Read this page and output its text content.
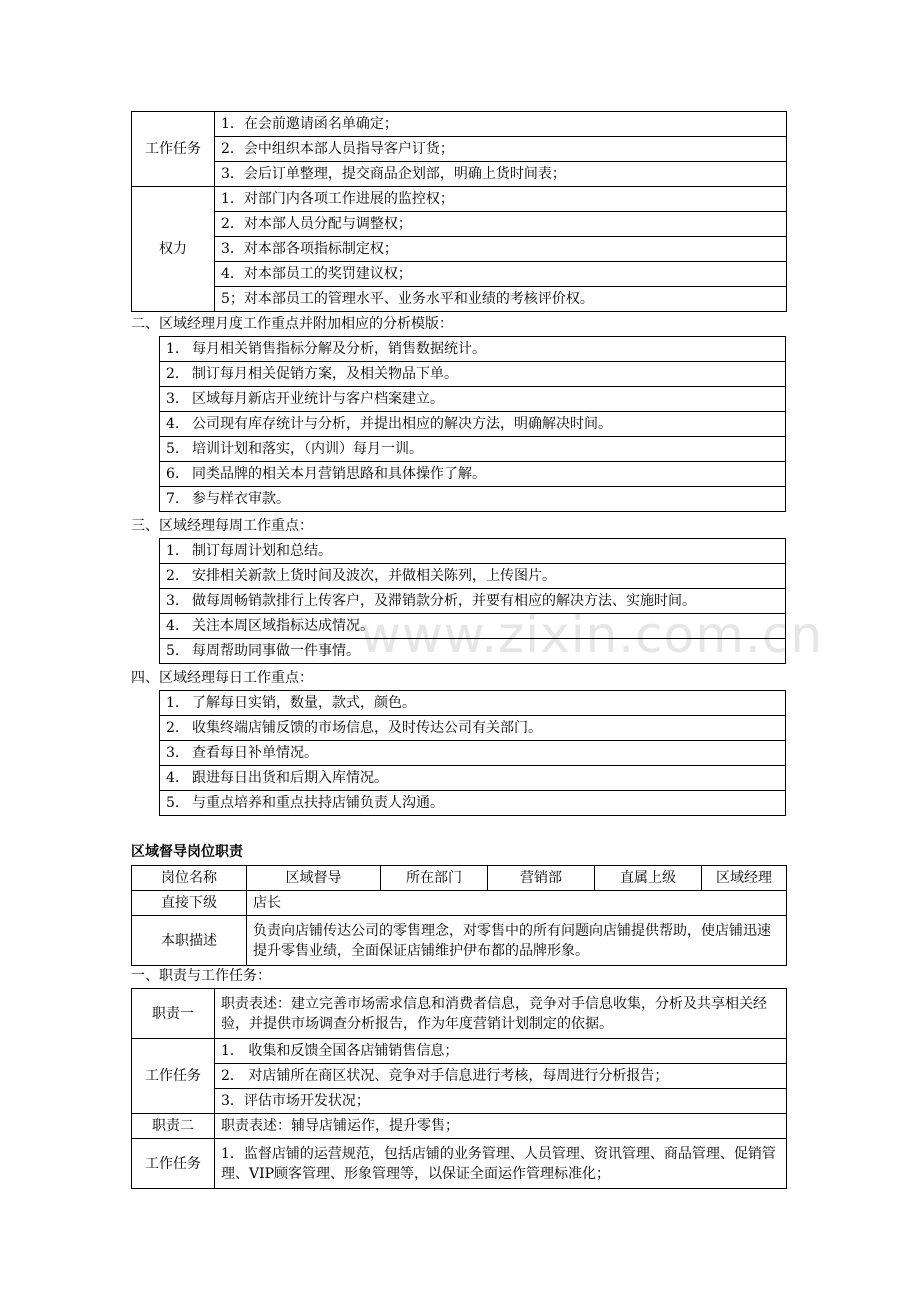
www.zixin.com.cn
工作任务	1．在会前邀请函名单确定；
	2．会中组织本部人员指导客户订货；
	3．会后订单整理，提交商品企划部，明确上货时间表；
权力	1．对部门内各项工作进展的监控权；
	2．对本部人员分配与调整权；
	3．对本部各项指标制定权；
	4．对本部员工的奖罚建议权；
	5；对本部员工的管理水平、业务水平和业绩的考核评价权。

二、区域经理月度工作重点并附加相应的分析模版：

1. 每月相关销售指标分解及分析，销售数据统计。
2. 制订每月相关促销方案，及相关物品下单。
3. 区域每月新店开业统计与客户档案建立。
4. 公司现有库存统计与分析，并提出相应的解决方法，明确解决时间。
5. 培训计划和落实，（内训）每月一训。
6. 同类品牌的相关本月营销思路和具体操作了解。
7. 参与样衣审款。

三、区域经理每周工作重点：

1. 制订每周计划和总结。
2. 安排相关新款上货时间及波次，并做相关陈列，上传图片。
3. 做每周畅销款排行上传客户，及滞销款分析，并要有相应的解决方法、实施时间。
4. 关注本周区域指标达成情况。
5. 每周帮助同事做一件事情。

四、区域经理每日工作重点：

1. 了解每日实销，数量，款式，颜色。
2. 收集终端店铺反馈的市场信息，及时传达公司有关部门。
3. 查看每日补单情况。
4. 跟进每日出货和后期入库情况。
5. 与重点培养和重点扶持店铺负责人沟通。

区域督导岗位职责

岗位名称	区域督导	所在部门	营销部	直属上级	区域经理
直接下级	店长				
本职描述	负责向店铺传达公司的零售理念，对零售中的所有问题向店铺提供帮助，使店铺迅速提升零售业绩，全面保证店铺维护伊布都的品牌形象。				

一、职责与工作任务：

职责一	职责表述：建立完善市场需求信息和消费者信息，竞争对手信息收集，分析及共享相关经验，并提供市场调查分析报告，作为年度营销计划制定的依据。
工作任务	1． 收集和反馈全国各店铺销售信息；
	2． 对店铺所在商区状况、竞争对手信息进行考核，每周进行分析报告；
	3．评估市场开发状况；
职责二	职责表述：辅导店铺运作，提升零售；
工作任务	1．监督店铺的运营规范，包括店铺的业务管理、人员管理、资讯管理、商品管理、促销管理、VIP顾客管理、形象管理等，以保证全面运作管理标准化；
